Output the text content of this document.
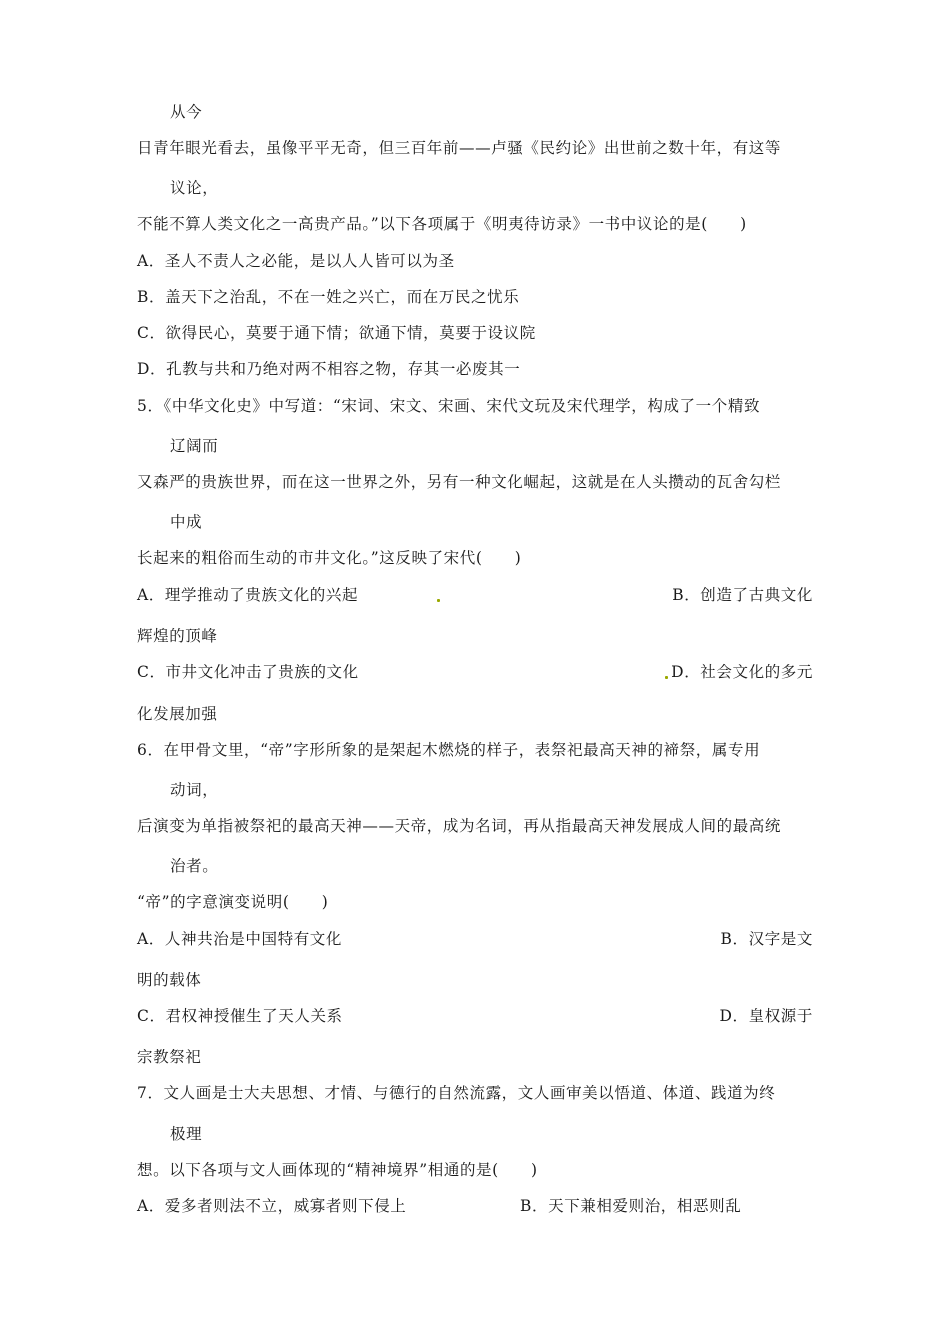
从今
日青年眼光看去，虽像平平无奇，但三百年前——卢骚《民约论》出世前之数十年，有这等
议论，
不能不算人类文化之一高贵产品。”以下各项属于《明夷待访录》一书中议论的是(　　)
A．圣人不责人之必能，是以人人皆可以为圣
B．盖天下之治乱，不在一姓之兴亡，而在万民之忧乐
C．欲得民心，莫要于通下情；欲通下情，莫要于设议院
D．孔教与共和乃绝对两不相容之物，存其一必废其一
5．《中华文化史》中写道：“宋词、宋文、宋画、宋代文玩及宋代理学，构成了一个精致
辽阔而
又森严的贵族世界，而在这一世界之外，另有一种文化崛起，这就是在人头攒动的瓦舍勾栏
中成
长起来的粗俗而生动的市井文化。”这反映了宋代(　　)
A．理学推动了贵族文化的兴起	B．创造了古典文化
辉煌的顶峰
C．市井文化冲击了贵族的文化	D．社会文化的多元
化发展加强
6．在甲骨文里，“帝”字形所象的是架起木燃烧的样子，表祭祀最高天神的褅祭，属专用
动词，
后演变为单指被祭祀的最高天神——天帝，成为名词，再从指最高天神发展成人间的最高统
治者。
“帝”的字意演变说明(　　)
A．人神共治是中国特有文化	B．汉字是文
明的载体
C．君权神授催生了天人关系	D．皇权源于
宗教祭祀
7．文人画是士大夫思想、才情、与德行的自然流露，文人画审美以悟道、体道、践道为终
极理
想。以下各项与文人画体现的“精神境界”相通的是(　　)
A．爱多者则法不立，威寡者则下侵上	B．天下兼相爱则治，相恶则乱
